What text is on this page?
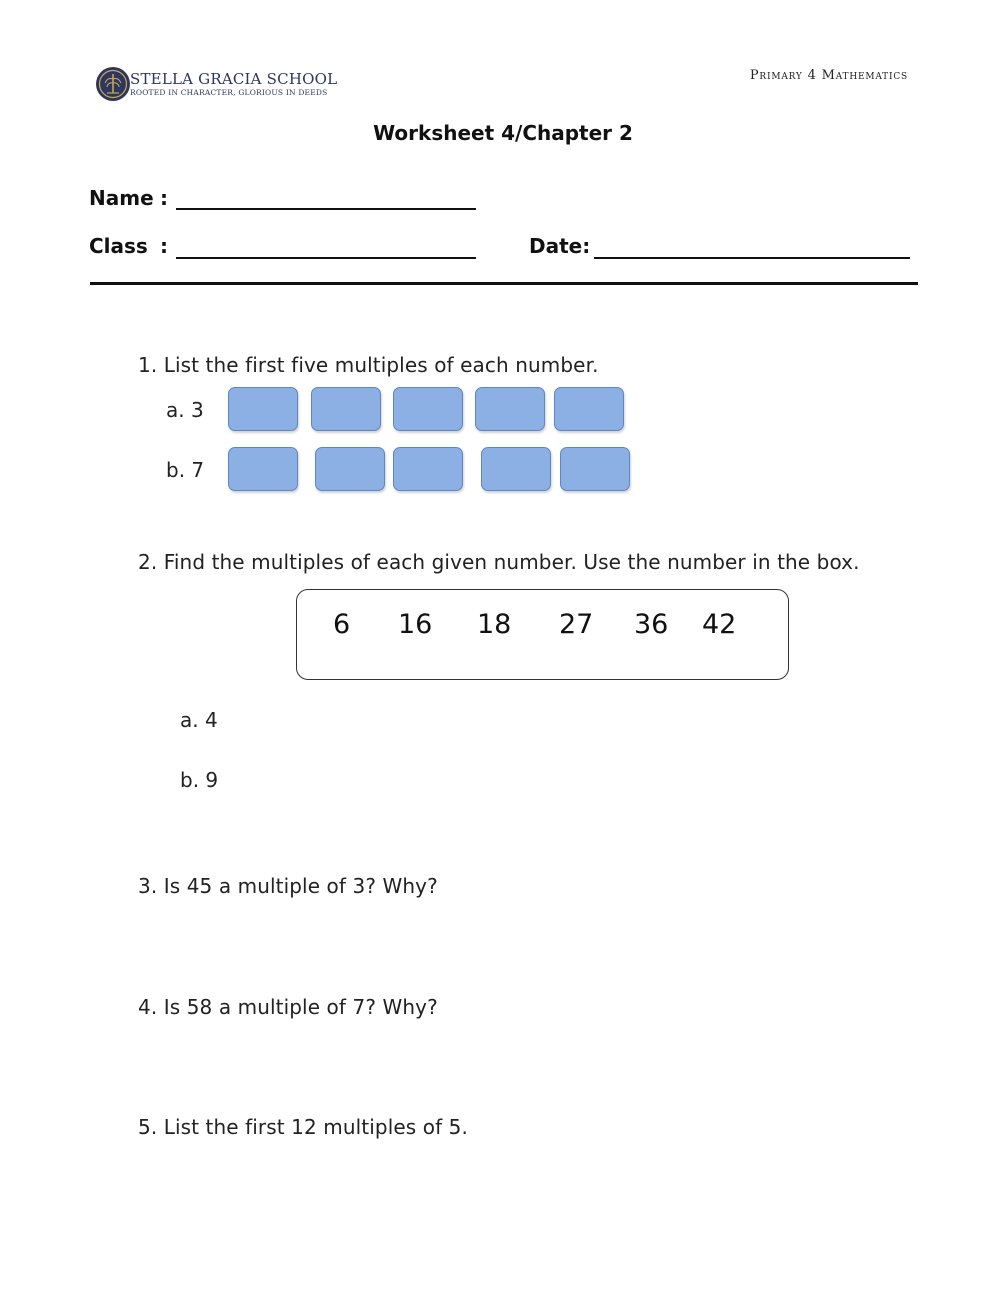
STELLA GRACIA SCHOOL
ROOTED IN CHARACTER, GLORIOUS IN DEEDS
Primary 4 Mathematics
Worksheet 4/Chapter 2
Name :
Class :	Date:
1. List the first five multiples of each number.
a. 3
b. 7
2. Find the multiples of each given number. Use the number in the box.
6 16 18 27 36 42
a. 4
b. 9
3. Is 45 a multiple of 3? Why?
4. Is 58 a multiple of 7? Why?
5. List the first 12 multiples of 5.
